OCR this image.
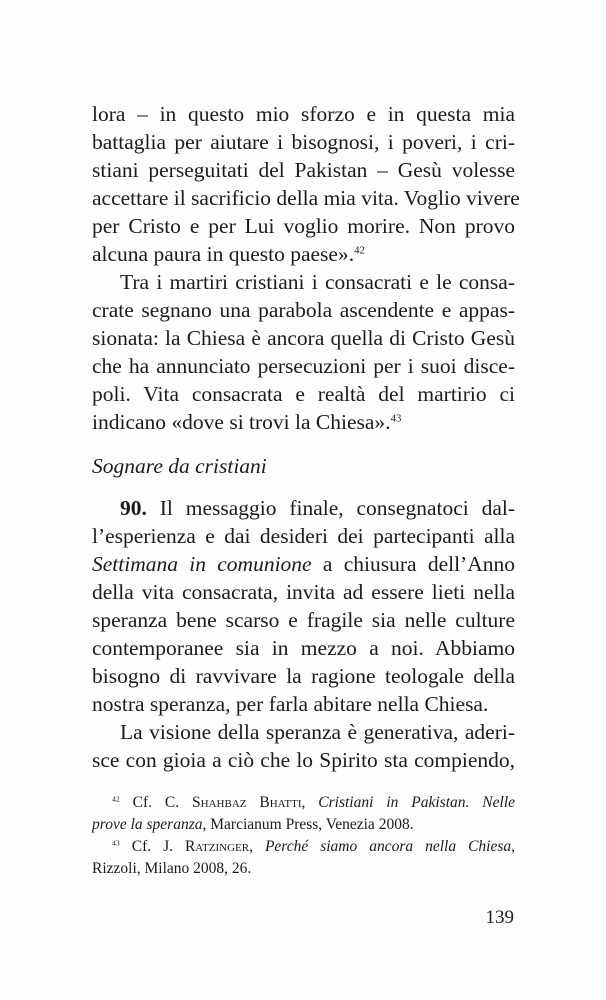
lora – in questo mio sforzo e in questa mia
battaglia per aiutare i bisognosi, i poveri, i cri-
stiani perseguitati del Pakistan – Gesù volesse
accettare il sacrificio della mia vita. Voglio vivere
per Cristo e per Lui voglio morire. Non provo
alcuna paura in questo paese».$^{42}$
Tra i martiri cristiani i consacrati e le consa-
crate segnano una parabola ascendente e appas-
sionata: la Chiesa è ancora quella di Cristo Gesù
che ha annunciato persecuzioni per i suoi disce-
poli. Vita consacrata e realtà del martirio ci
indicano «dove si trovi la Chiesa».$^{43}$
Sognare da cristiani
90. Il messaggio finale, consegnatoci dal-
l’esperienza e dai desideri dei partecipanti alla
Settimana in comunione a chiusura dell’Anno
della vita consacrata, invita ad essere lieti nella
speranza bene scarso e fragile sia nelle culture
contemporanee sia in mezzo a noi. Abbiamo
bisogno di ravvivare la ragione teologale della
nostra speranza, per farla abitare nella Chiesa.
La visione della speranza è generativa, aderi-
sce con gioia a ciò che lo Spirito sta compiendo,
$^{42}$ Cf. C. Shahbaz Bhatti, Cristiani in Pakistan. Nelle
prove la speranza, Marcianum Press, Venezia 2008.
$^{43}$ Cf. J. Ratzinger, Perché siamo ancora nella Chiesa,
Rizzoli, Milano 2008, 26.
139
